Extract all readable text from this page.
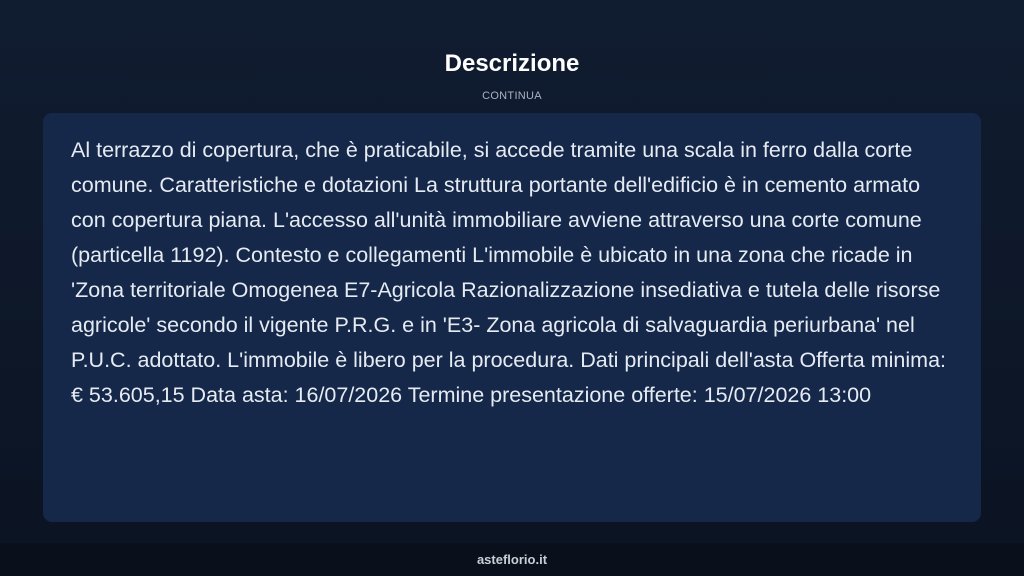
Descrizione
CONTINUA

Al terrazzo di copertura, che è praticabile, si accede tramite una scala in ferro dalla corte comune. Caratteristiche e dotazioni La struttura portante dell'edificio è in cemento armato con copertura piana. L'accesso all'unità immobiliare avviene attraverso una corte comune (particella 1192). Contesto e collegamenti L'immobile è ubicato in una zona che ricade in 'Zona territoriale Omogenea E7-Agricola Razionalizzazione insediativa e tutela delle risorse agricole' secondo il vigente P.R.G. e in 'E3- Zona agricola di salvaguardia periurbana' nel P.U.C. adottato. L'immobile è libero per la procedura. Dati principali dell'asta Offerta minima: € 53.605,15 Data asta: 16/07/2026 Termine presentazione offerte: 15/07/2026 13:00

asteflorio.it
